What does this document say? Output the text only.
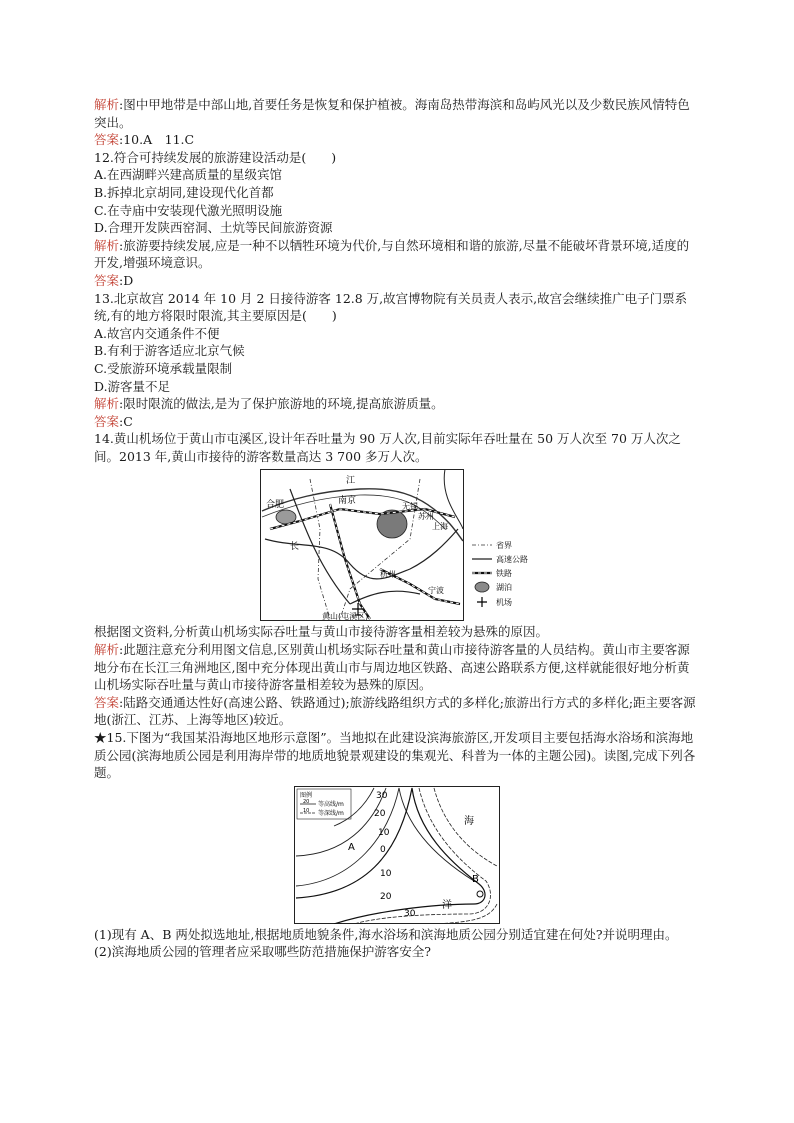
解析:图中甲地带是中部山地,首要任务是恢复和保护植被。海南岛热带海滨和岛屿风光以及少数民族风情特色突出。

答案:10.A　11.C

12.符合可持续发展的旅游建设活动是(　　)

A.在西湖畔兴建高质量的星级宾馆

B.拆掉北京胡同,建设现代化首都

C.在寺庙中安装现代激光照明设施

D.合理开发陕西窑洞、土炕等民间旅游资源

解析:旅游要持续发展,应是一种不以牺牲环境为代价,与自然环境相和谐的旅游,尽量不能破坏背景环境,适度的开发,增强环境意识。

答案:D

13.北京故宫 2014 年 10 月 2 日接待游客 12.8 万,故宫博物院有关员责人表示,故宫会继续推广电子门票系统,有的地方将限时限流,其主要原因是(　　)

A.故宫内交通条件不便

B.有利于游客适应北京气候

C.受旅游环境承载量限制

D.游客量不足

解析:限时限流的做法,是为了保护旅游地的环境,提高旅游质量。

答案:C

14.黄山机场位于黄山市屯溪区,设计年吞吐量为 90 万人次,目前实际年吞吐量在 50 万人次至 70 万人次之间。2013 年,黄山市接待的游客数量高达 3 700 多万人次。

江
合肥	南京
长
无锡
苏州
上海
杭州
宁波
黄山(屯溪区)
省界
高速公路
铁路
湖泊
机场

根据图文资料,分析黄山机场实际吞吐量与黄山市接待游客量相差较为悬殊的原因。

解析:此题注意充分利用图文信息,区别黄山机场实际吞吐量和黄山市接待游客量的人员结构。黄山市主要客源地分布在长江三角洲地区,图中充分体现出黄山市与周边地区铁路、高速公路联系方便,这样就能很好地分析黄山机场实际吞吐量与黄山市接待游客量相差较为悬殊的原因。

答案:陆路交通通达性好(高速公路、铁路通过);旅游线路组织方式的多样化;旅游出行方式的多样化;距主要客源地(浙江、江苏、上海等地区)较近。

★15.下图为“我国某沿海地区地形示意图”。当地拟在此建设滨海旅游区,开发项目主要包括海水浴场和滨海地质公园(滨海地质公园是利用海岸带的地质地貌景观建设的集观光、科普为一体的主题公园)。读图,完成下列各题。

图例
20 等高线/m
10 等深线/m
30
20
10
0
10
20
30
A
B
海
洋

(1)现有 A、B 两处拟选地址,根据地质地貌条件,海水浴场和滨海地质公园分别适宜建在何处?并说明理由。

(2)滨海地质公园的管理者应采取哪些防范措施保护游客安全?
